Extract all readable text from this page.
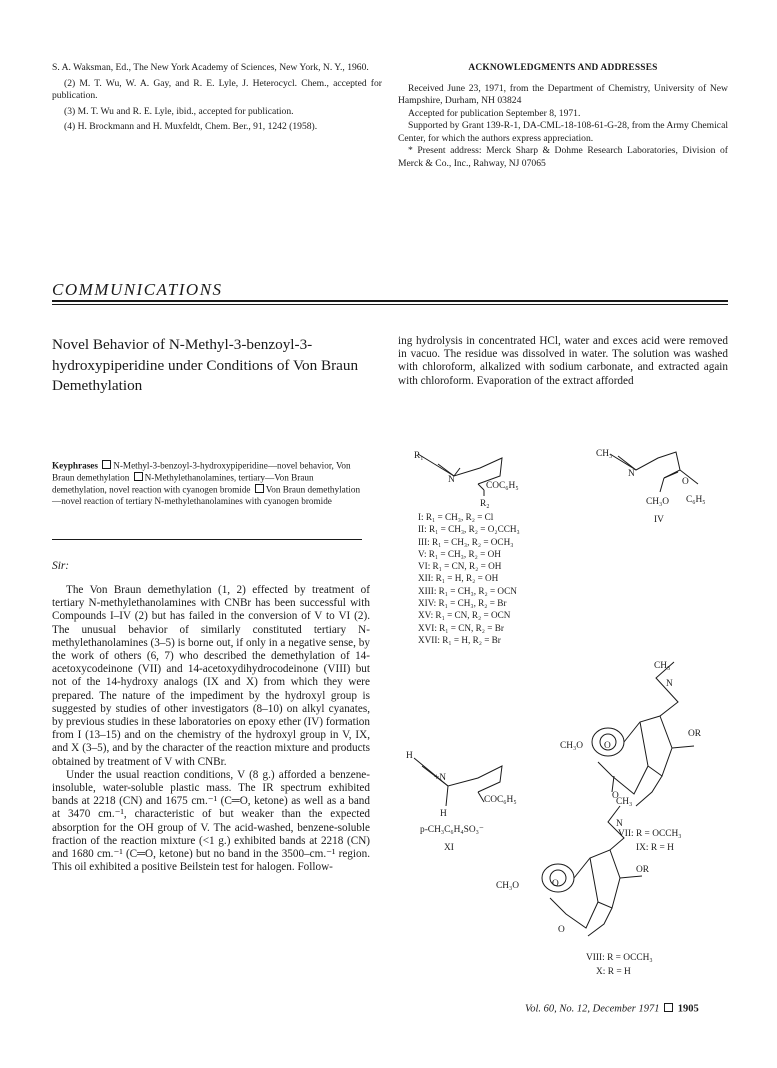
S. A. Waksman, Ed., The New York Academy of Sciences, New York, N. Y., 1960.

(2) M. T. Wu, W. A. Gay, and R. E. Lyle, J. Heterocycl. Chem., accepted for publication.

(3) M. T. Wu and R. E. Lyle, ibid., accepted for publication.

(4) H. Brockmann and H. Muxfeldt, Chem. Ber., 91, 1242 (1958).

ACKNOWLEDGMENTS AND ADDRESSES

Received June 23, 1971, from the Department of Chemistry, University of New Hampshire, Durham, NH 03824

Accepted for publication September 8, 1971.

Supported by Grant 139-R-1, DA-CML-18-108-61-G-28, from the Army Chemical Center, for which the authors express appreciation.

* Present address: Merck Sharp & Dohme Research Laboratories, Division of Merck & Co., Inc., Rahway, NJ 07065

COMMUNICATIONS
Novel Behavior of N-Methyl-3-benzoyl-3-hydroxypiperidine under Conditions of Von Braun Demethylation
Keyphrases N-Methyl-3-benzoyl-3-hydroxypiperidine—novel behavior, Von Braun demethylation N-Methylethanolamines, tertiary—Von Braun demethylation, novel reaction with cyanogen bromide Von Braun demethylation—novel reaction of tertiary N-methylethanolamines with cyanogen bromide
Sir:

The Von Braun demethylation (1, 2) effected by treatment of tertiary N-methylethanolamines with CNBr has been successful with Compounds I–IV (2) but has failed in the conversion of V to VI (2). The unusual behavior of similarly constituted tertiary N-methylethanolamines (3–5) is borne out, if only in a negative sense, by the work of others (6, 7) who described the demethylation of 14-acetoxycodeinone (VII) and 14-acetoxydihydrocodeinone (VIII) but not of the 14-hydroxy analogs (IX and X) from which they were prepared. The nature of the impediment by the hydroxyl group is suggested by studies of other investigators (8–10) on alkyl cyanates, by previous studies in these laboratories on epoxy ether (IV) formation from I (13–15) and on the chemistry of the hydroxyl group in V, IX, and X (3–5), and by the character of the reaction mixture and products obtained by treatment of V with CNBr.

Under the usual reaction conditions, V (8 g.) afforded a benzene-insoluble, water-soluble plastic mass. The IR spectrum exhibited bands at 2218 (CN) and 1675 cm.⁻¹ (C═O, ketone) as well as a band at 3470 cm.⁻¹, characteristic of but weaker than the expected absorption for the OH group of V. The acid-washed, benzene-soluble fraction of the reaction mixture (<1 g.) exhibited bands at 2218 (CN) and 1680 cm.⁻¹ (C═O, ketone) but no band in the 3500–cm.⁻¹ region. This oil exhibited a positive Beilstein test for halogen. Follow-

ing hydrolysis in concentrated HCl, water and exces acid were removed in vacuo. The residue was dissolved in water. The solution was washed with chloroform, alkalized with sodium carbonate, and extracted again with chloroform. Evaporation of the extract afforded

R₁
N
COC₆H₅
R₂
CH₃
N
O
CH₃O C₆H₅
IV
H
+N
COC₆H₅
H
p-CH₃C₆H₄SO₃⁻
XI
CH₃
N
OR
CH₃O O
O
VII: R = OCCH₃
IX: R = H
CH₃
N
OR
CH₃O	O
O
VIII: R = OCCH₃
X: R = H
I: R₁ = CH₃, R₂ = Cl
II: R₁ = CH₃, R₂ = O₂CCH₃
III: R₁ = CH₃, R₂ = OCH₃
V: R₁ = CH₃, R₂ = OH
VI: R₁ = CN, R₂ = OH
XII: R₁ = H, R₂ = OH
XIII: R₁ = CH₃, R₂ = OCN
XIV: R₁ = CH₃, R₂ = Br
XV: R₁ = CN, R₂ = OCN
XVI: R₁ = CN, R₂ = Br
XVII: R₁ = H, R₂ = Br
Vol. 60, No. 12, December 1971 1905
